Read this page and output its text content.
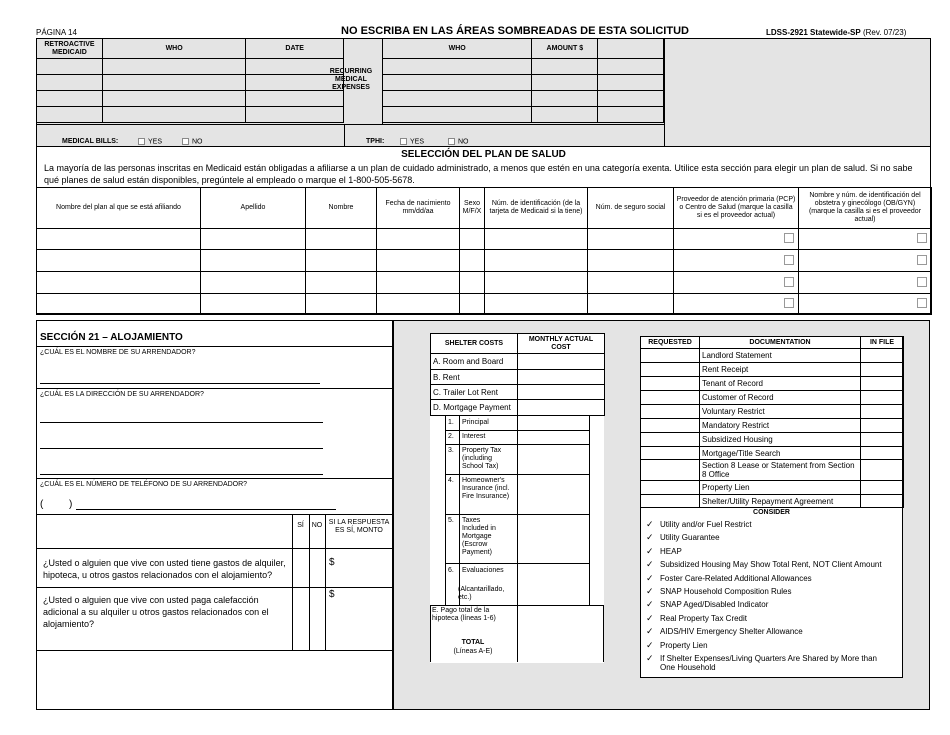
PÁGINA 14	NO ESCRIBA EN LAS ÁREAS SOMBREADAS DE ESTA SOLICITUD	LDSS-2921 Statewide-SP (Rev. 07/23)
RETROACTIVE MEDICAID	WHO	DATE

RECURRING MEDICAL EXPENSES
WHO	AMOUNT $	

MEDICAL BILLS:	YES	NO	TPHI:	YES	NO
SELECCIÓN DEL PLAN DE SALUD
La mayoría de las personas inscritas en Medicaid están obligadas a afiliarse a un plan de cuidado administrado, a menos que estén en una categoría exenta. Utilice esta sección para elegir un plan de salud. Si no sabe qué planes de salud están disponibles, pregúntele al empleado o marque el 1-800-505-5678.
Nombre del plan al que se está afiliando	Apellido	Nombre	Fecha de nacimiento mm/dd/aa	Sexo M/F/X	Núm. de identificación (de la tarjeta de Medicaid si la tiene)	Núm. de seguro social	Proveedor de atención primaria (PCP) o Centro de Salud (marque la casilla si es el proveedor actual)	Nombre y núm. de identificación del obstetra y ginecólogo (OB/GYN) (marque la casilla si es el proveedor actual)

SECCIÓN 21 – ALOJAMIENTO
¿CUÁL ES EL NOMBRE DE SU ARRENDADOR?
¿CUÁL ES LA DIRECCIÓN DE SU ARRENDADOR?
¿CUÁL ES EL NÚMERO DE TELÉFONO DE SU ARRENDADOR?
(	)
SÍ	NO SI LA RESPUESTA ES SÍ, MONTO
¿Usted o alguien que vive con usted tiene gastos de alquiler, hipoteca, u otros gastos relacionados con el alojamiento?
$
¿Usted o alguien que vive con usted paga calefacción adicional a su alquiler u otros gastos relacionados con el alojamiento?
$
SHELTER COSTS	MONTHLY ACTUAL COST
A. Room and Board	
B. Rent	
C. Trailer Lot Rent	
D. Mortgage Payment	
1. Principal
2. Interest
3. Property Tax (including School Tax)
4. Homeowner's Insurance (incl. Fire Insurance)
5. Taxes Included in Mortgage (Escrow Payment)
6. Evaluaciones
(Alcantarillado, etc.)
E. Pago total de la hipoteca (líneas 1-6)
TOTAL
(Líneas A-E)
REQUESTED	DOCUMENTATION	IN FILE
	Landlord Statement	
	Rent Receipt	
	Tenant of Record	
	Customer of Record	
	Voluntary Restrict	
	Mandatory Restrict	
	Subsidized Housing	
	Mortgage/Title Search	
	Section 8 Lease or Statement from Section 8 Office	
	Property Lien	
	Shelter/Utility Repayment Agreement	
CONSIDER
✓ Utility and/or Fuel Restrict
✓ Utility Guarantee
✓ HEAP
✓ Subsidized Housing May Show Total Rent, NOT Client Amount
✓ Foster Care-Related Additional Allowances
✓ SNAP Household Composition Rules
✓ SNAP Aged/Disabled Indicator
✓ Real Property Tax Credit
✓ AIDS/HIV Emergency Shelter Allowance
✓ Property Lien
✓ If Shelter Expenses/Living Quarters Are Shared by More than One Household
